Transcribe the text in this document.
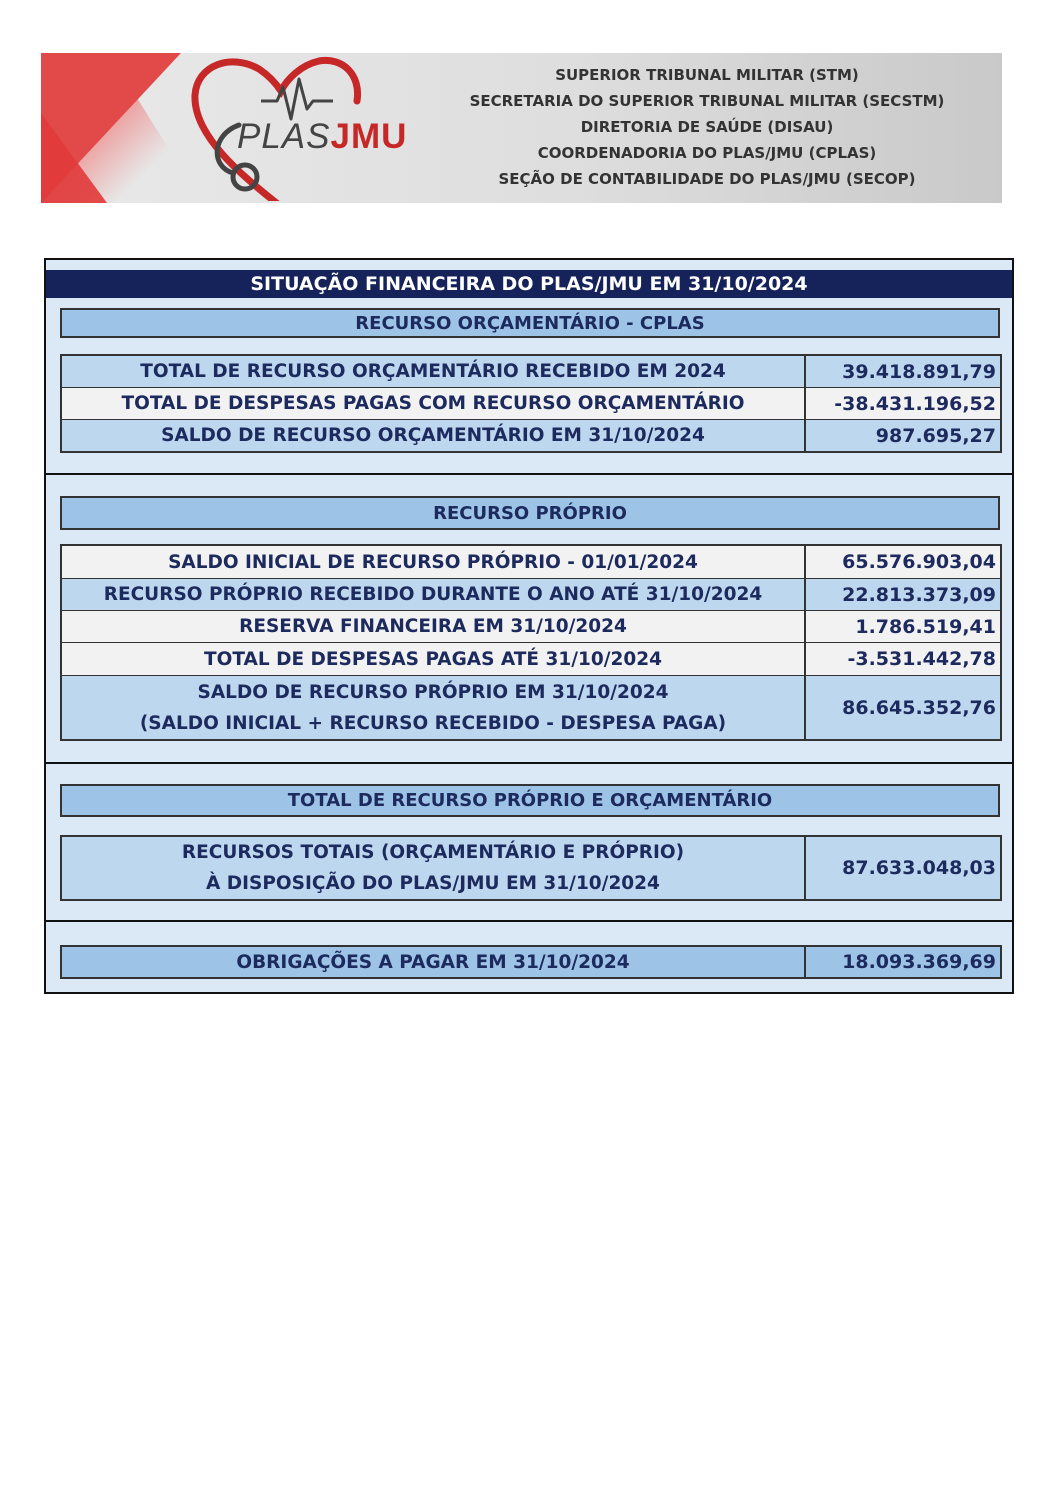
PLASJMU
SUPERIOR TRIBUNAL MILITAR (STM)
SECRETARIA DO SUPERIOR TRIBUNAL MILITAR (SECSTM)
DIRETORIA DE SAÚDE (DISAU)
COORDENADORIA DO PLAS/JMU (CPLAS)
SEÇÃO DE CONTABILIDADE DO PLAS/JMU (SECOP)
SITUAÇÃO FINANCEIRA DO PLAS/JMU EM 31/10/2024
RECURSO ORÇAMENTÁRIO - CPLAS
TOTAL DE RECURSO ORÇAMENTÁRIO RECEBIDO EM 2024	39.418.891,79
TOTAL DE DESPESAS PAGAS COM RECURSO ORÇAMENTÁRIO	-38.431.196,52
SALDO DE RECURSO ORÇAMENTÁRIO EM 31/10/2024	987.695,27
RECURSO PRÓPRIO
SALDO INICIAL DE RECURSO PRÓPRIO - 01/01/2024	65.576.903,04
RECURSO PRÓPRIO RECEBIDO DURANTE O ANO ATÉ 31/10/2024	22.813.373,09
RESERVA FINANCEIRA EM 31/10/2024	1.786.519,41
TOTAL DE DESPESAS PAGAS ATÉ 31/10/2024	-3.531.442,78
SALDO DE RECURSO PRÓPRIO EM 31/10/2024
(SALDO INICIAL + RECURSO RECEBIDO - DESPESA PAGA)
86.645.352,76
TOTAL DE RECURSO PRÓPRIO E ORÇAMENTÁRIO
RECURSOS TOTAIS (ORÇAMENTÁRIO E PRÓPRIO)
À DISPOSIÇÃO DO PLAS/JMU EM 31/10/2024
87.633.048,03
OBRIGAÇÕES A PAGAR EM 31/10/2024	18.093.369,69
